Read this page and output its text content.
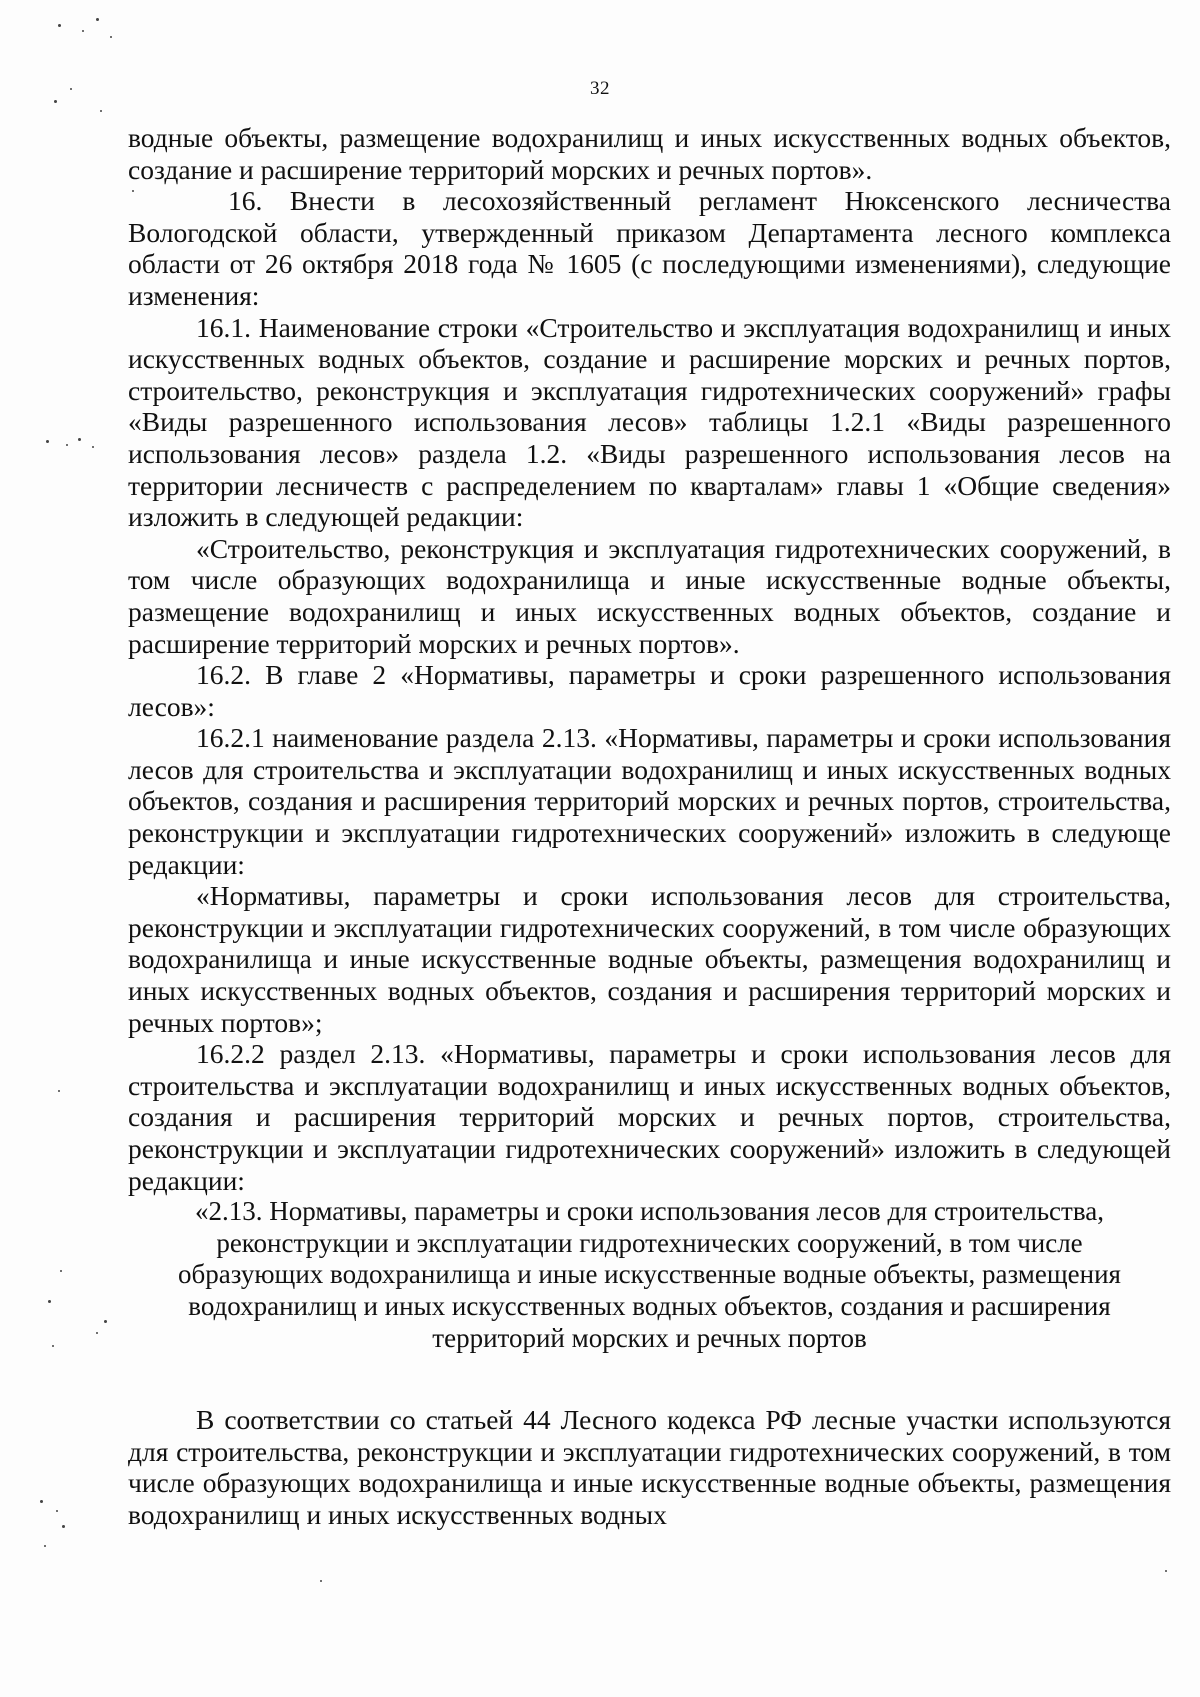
32

водные объекты, размещение водохранилищ и иных искусственных водных объектов, создание и расширение территорий морских и речных портов».

16. Внести в лесохозяйственный регламент Нюксенского лесничества Вологодской области, утвержденный приказом Департамента лесного комплекса области от 26 октября 2018 года № 1605 (с последующими изменениями), следующие изменения:

16.1. Наименование строки «Строительство и эксплуатация водохранилищ и иных искусственных водных объектов, создание и расширение морских и речных портов, строительство, реконструкция и эксплуатация гидротехнических сооружений» графы «Виды разрешенного использования лесов» таблицы 1.2.1 «Виды разрешенного использования лесов» раздела 1.2. «Виды разрешенного использования лесов на территории лесничеств с распределением по кварталам» главы 1 «Общие сведения» изложить в следующей редакции:

«Строительство, реконструкция и эксплуатация гидротехнических сооружений, в том числе образующих водохранилища и иные искусственные водные объекты, размещение водохранилищ и иных искусственных водных объектов, создание и расширение территорий морских и речных портов».

16.2. В главе 2 «Нормативы, параметры и сроки разрешенного использования лесов»:

16.2.1 наименование раздела 2.13. «Нормативы, параметры и сроки использования лесов для строительства и эксплуатации водохранилищ и иных искусственных водных объектов, создания и расширения территорий морских и речных портов, строительства, реконструкции и эксплуатации гидротехнических сооружений» изложить в следующе редакции:

«Нормативы, параметры и сроки использования лесов для строительства, реконструкции и эксплуатации гидротехнических сооружений, в том числе образующих водохранилища и иные искусственные водные объекты, размещения водохранилищ и иных искусственных водных объектов, создания и расширения территорий морских и речных портов»;

16.2.2 раздел 2.13. «Нормативы, параметры и сроки использования лесов для строительства и эксплуатации водохранилищ и иных искусственных водных объектов, создания и расширения территорий морских и речных портов, строительства, реконструкции и эксплуатации гидротехнических сооружений» изложить в следующей редакции:

«2.13. Нормативы, параметры и сроки использования лесов для строительства,

реконструкции и эксплуатации гидротехнических сооружений, в том числе

образующих водохранилища и иные искусственные водные объекты, размещения

водохранилищ и иных искусственных водных объектов, создания и расширения

территорий морских и речных портов

В соответствии со статьей 44 Лесного кодекса РФ лесные участки используются для строительства, реконструкции и эксплуатации гидротехнических сооружений, в том числе образующих водохранилища и иные искусственные водные объекты, размещения водохранилищ и иных искусственных водных
